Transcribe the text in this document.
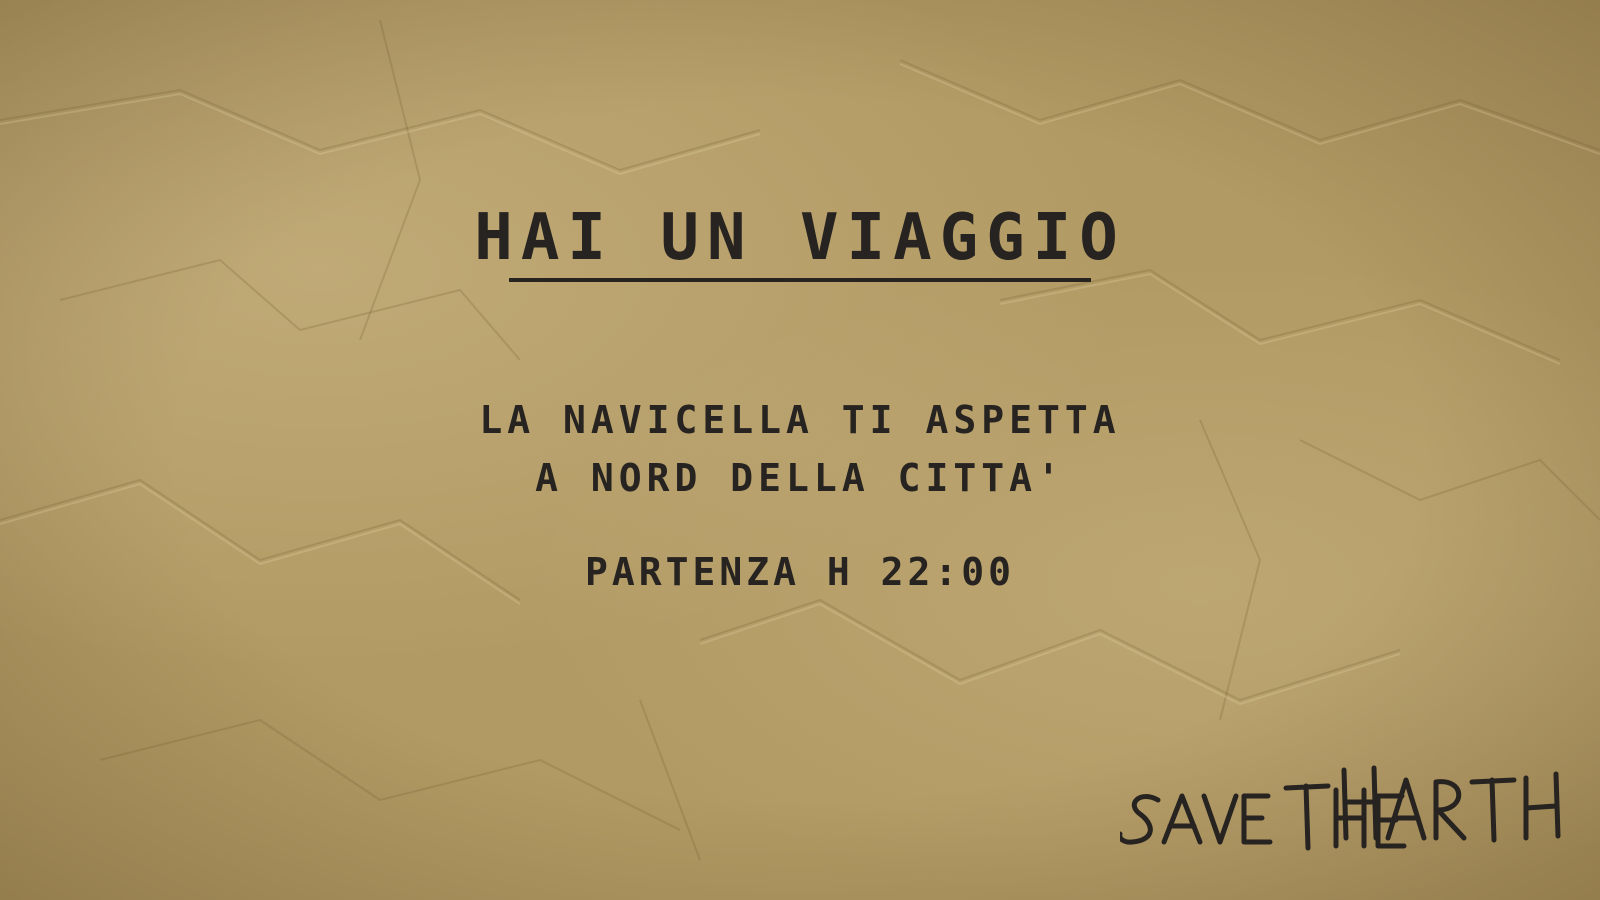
HAI UN VIAGGIO
LA NAVICELLA TI ASPETTA
A NORD DELLA CITTA'
PARTENZA H 22:00
